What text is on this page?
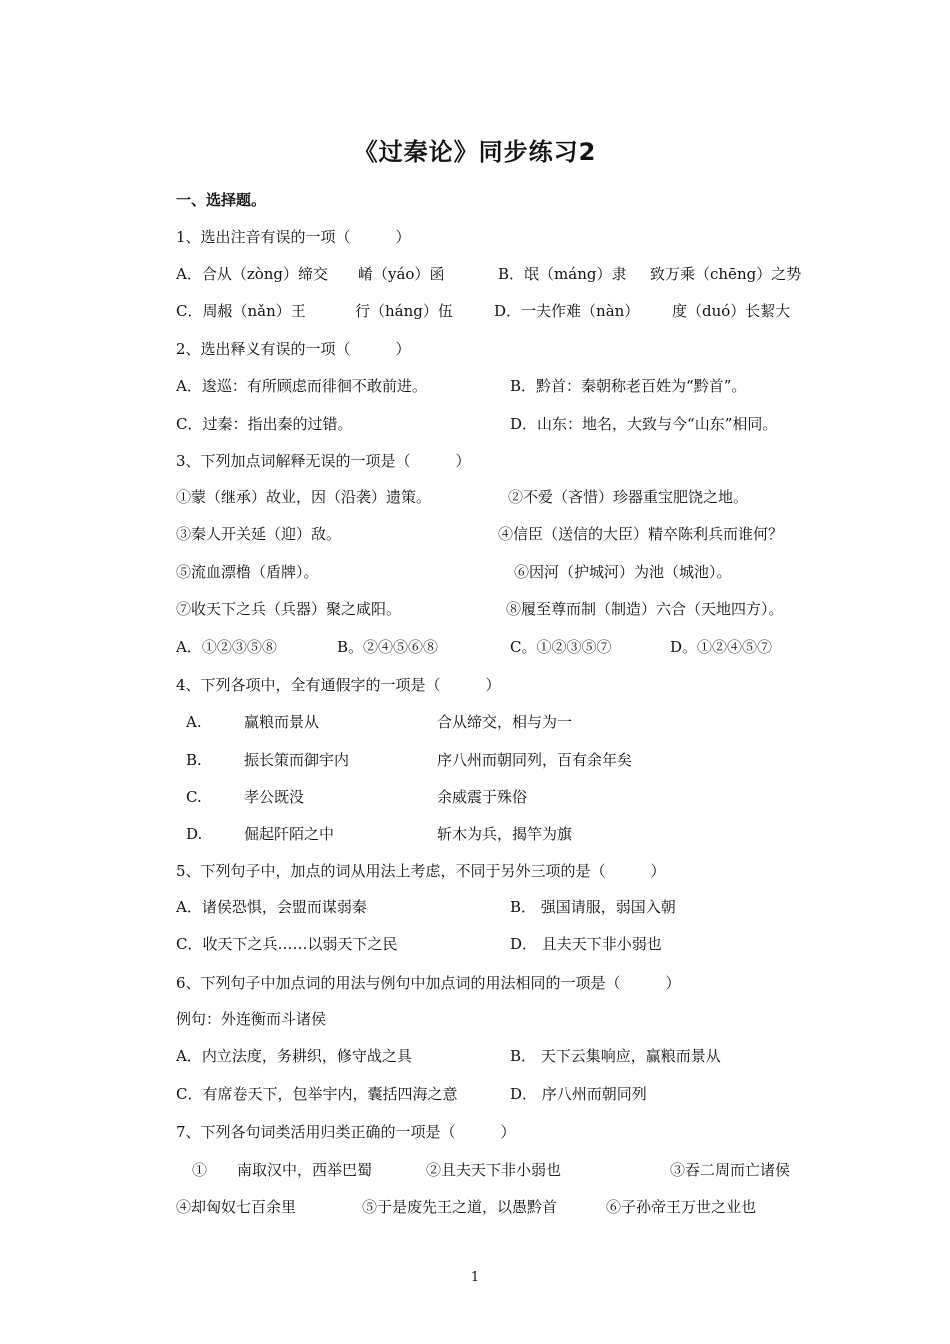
《过秦论》同步练习2
一、选择题。
1、选出注音有误的一项（　　　）
A．合从（zòng）缔交 崤（yáo）函	B．氓（máng）隶 致万乘（chēng）之势
C．周赧（nǎn）王	行（háng）伍	D．一夫作难（nàn） 度（duó）长絜大
2、选出释义有误的一项（　　　）
A．逡巡：有所顾虑而徘徊不敢前进。	B．黔首：秦朝称老百姓为“黔首”。
C．过秦：指出秦的过错。	D．山东：地名，大致与今“山东”相同。
3、下列加点词解释无误的一项是（　　　）
①蒙（继承）故业，因（沿袭）遗策。	②不爱（吝惜）珍器重宝肥饶之地。
③秦人开关延（迎）敌。	④信臣（送信的大臣）精卒陈利兵而谁何？
⑤流血漂橹（盾牌）。	⑥因河（护城河）为池（城池）。
⑦收天下之兵（兵器）聚之咸阳。	⑧履至尊而制（制造）六合（天地四方）。
A．①②③⑤⑧	B。②④⑤⑥⑧	C。①②③⑤⑦	D。①②④⑤⑦
4、下列各项中，全有通假字的一项是（　　　）
A.	赢粮而景从	合从缔交，相与为一
B.	振长策而御宇内	序八州而朝同列，百有余年矣
C.	孝公既没	余威震于殊俗
D.	倔起阡陌之中	斩木为兵，揭竿为旗
5、下列句子中，加点的词从用法上考虑，不同于另外三项的是（　　　）
A．诸侯恐惧，会盟而谋弱秦	B． 强国请服，弱国入朝
C．收天下之兵……以弱天下之民	D． 且夫天下非小弱也
6、下列句子中加点词的用法与例句中加点词的用法相同的一项是（　　　）
例句：外连衡而斗诸侯
A．内立法度，务耕织，修守战之具	B． 天下云集响应，赢粮而景从
C．有席卷天下，包举宇内，囊括四海之意	D． 序八州而朝同列
7、下列各句词类活用归类正确的一项是（　　　）
①　　南取汉中，西举巴蜀	②且夫天下非小弱也	③吞二周而亡诸侯
④却匈奴七百余里	⑤于是废先王之道，以愚黔首	⑥子孙帝王万世之业也
1
